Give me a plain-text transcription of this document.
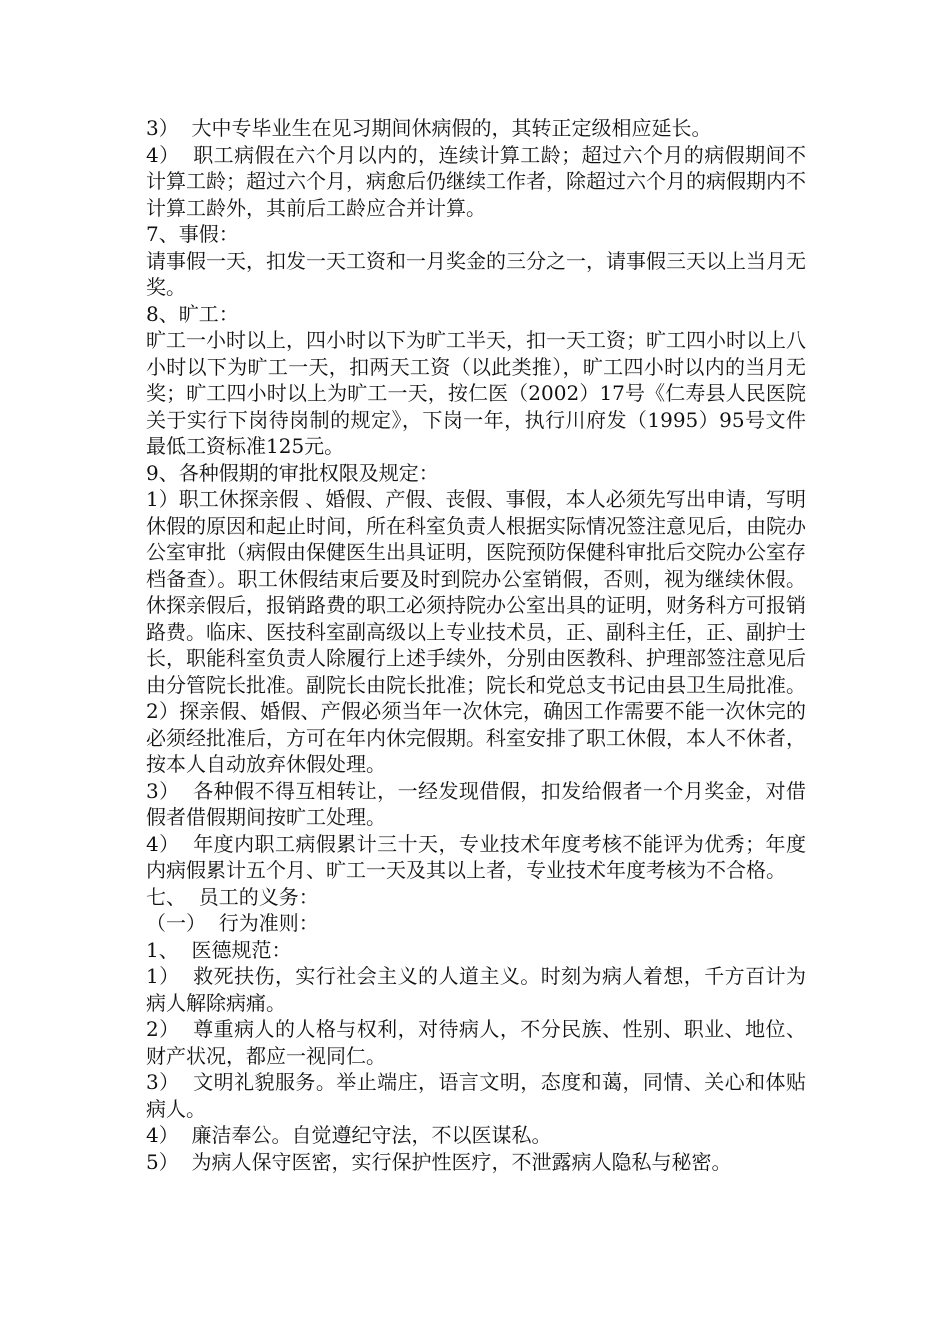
3）  大中专毕业生在见习期间休病假的，其转正定级相应延长。

4）  职工病假在六个月以内的，连续计算工龄；超过六个月的病假期间不计算工龄；超过六个月，病愈后仍继续工作者，除超过六个月的病假期内不计算工龄外，其前后工龄应合并计算。

7、事假：

请事假一天，扣发一天工资和一月奖金的三分之一，请事假三天以上当月无奖。

8、旷工：

旷工一小时以上，四小时以下为旷工半天，扣一天工资；旷工四小时以上八小时以下为旷工一天，扣两天工资（以此类推），旷工四小时以内的当月无奖；旷工四小时以上为旷工一天，按仁医（2002）17号《仁寿县人民医院关于实行下岗待岗制的规定》，下岗一年，执行川府发（1995）95号文件最低工资标准125元。

9、各种假期的审批权限及规定：

1）职工休探亲假 、婚假、产假、丧假、事假，本人必须先写出申请，写明休假的原因和起止时间，所在科室负责人根据实际情况签注意见后，由院办公室审批（病假由保健医生出具证明，医院预防保健科审批后交院办公室存档备查）。职工休假结束后要及时到院办公室销假，否则，视为继续休假。休探亲假后，报销路费的职工必须持院办公室出具的证明，财务科方可报销路费。临床、医技科室副高级以上专业技术员，正、副科主任，正、副护士长，职能科室负责人除履行上述手续外，分别由医教科、护理部签注意见后由分管院长批准。副院长由院长批准；院长和党总支书记由县卫生局批准。

2）探亲假、婚假、产假必须当年一次休完，确因工作需要不能一次休完的必须经批准后，方可在年内休完假期。科室安排了职工休假，本人不休者，按本人自动放弃休假处理。

3）  各种假不得互相转让，一经发现借假，扣发给假者一个月奖金，对借假者借假期间按旷工处理。

4）  年度内职工病假累计三十天，专业技术年度考核不能评为优秀；年度内病假累计五个月、旷工一天及其以上者，专业技术年度考核为不合格。

七、  员工的义务：

（一）  行为准则：

1、  医德规范：

1）  救死扶伤，实行社会主义的人道主义。时刻为病人着想，千方百计为病人解除病痛。

2）  尊重病人的人格与权利，对待病人，不分民族、性别、职业、地位、财产状况，都应一视同仁。

3）  文明礼貌服务。举止端庄，语言文明，态度和蔼，同情、关心和体贴病人。

4）  廉洁奉公。自觉遵纪守法，不以医谋私。

5）  为病人保守医密，实行保护性医疗，不泄露病人隐私与秘密。
